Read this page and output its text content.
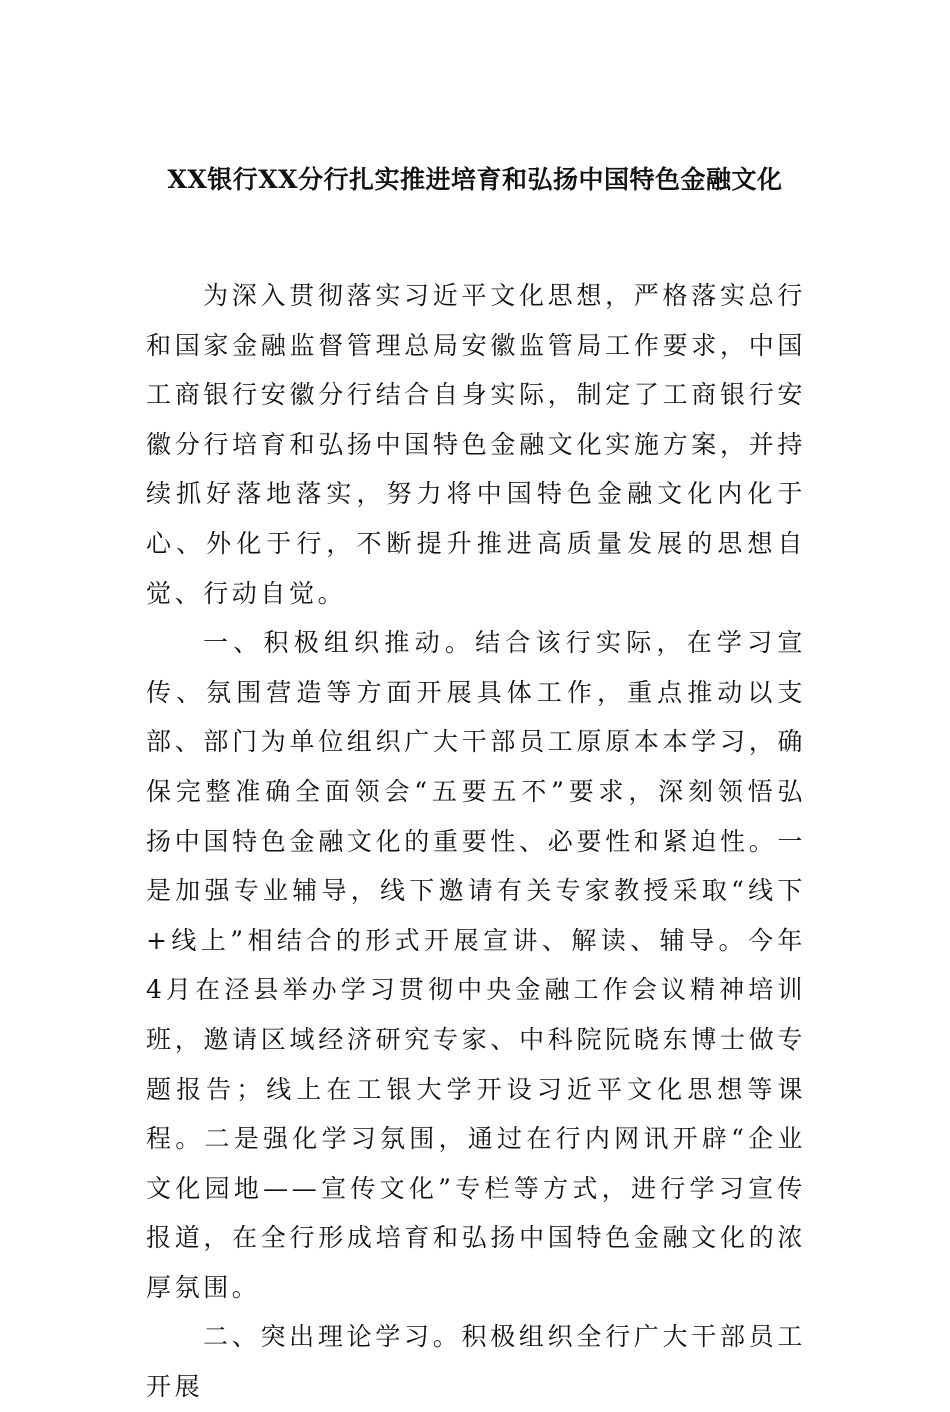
XX银行XX分行扎实推进培育和弘扬中国特色金融文化

为深入贯彻落实习近平文化思想，严格落实总行和国家金融监督管理总局安徽监管局工作要求，中国工商银行安徽分行结合自身实际，制定了工商银行安徽分行培育和弘扬中国特色金融文化实施方案，并持续抓好落地落实，努力将中国特色金融文化内化于心、外化于行，不断提升推进高质量发展的思想自觉、行动自觉。

一、积极组织推动。结合该行实际，在学习宣传、氛围营造等方面开展具体工作，重点推动以支部、部门为单位组织广大干部员工原原本本学习，确保完整准确全面领会“五要五不”要求，深刻领悟弘扬中国特色金融文化的重要性、必要性和紧迫性。一是加强专业辅导，线下邀请有关专家教授采取“线下+线上”相结合的形式开展宣讲、解读、辅导。今年4月在泾县举办学习贯彻中央金融工作会议精神培训班，邀请区域经济研究专家、中科院阮晓东博士做专题报告；线上在工银大学开设习近平文化思想等课程。二是强化学习氛围，通过在行内网讯开辟“企业文化园地——宣传文化”专栏等方式，进行学习宣传报道，在全行形成培育和弘扬中国特色金融文化的浓厚氛围。

二、突出理论学习。积极组织全行广大干部员工开展
